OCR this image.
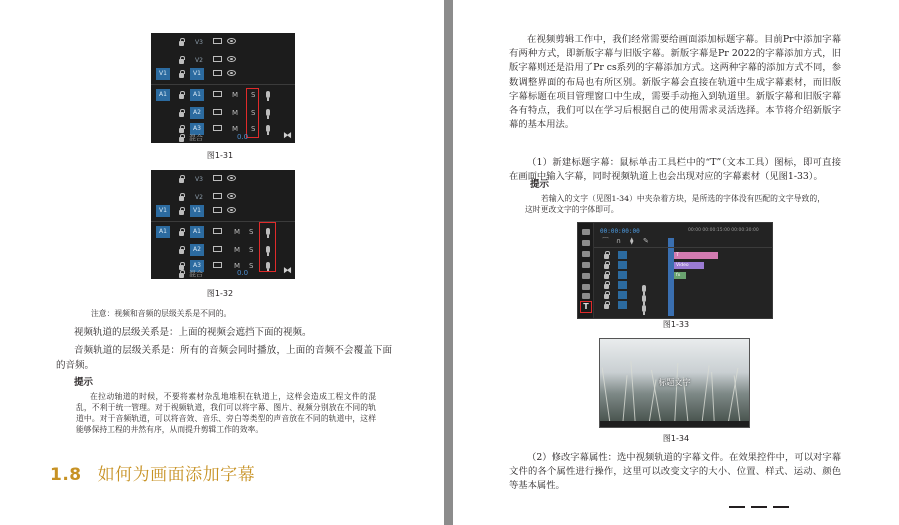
V3
V2
V1	V1
A1	A1	M S
A2	M S
A3	M S
混合	0.0	⧓
图1-31
V3
V2
V1	V1
A1	A1	M S
A2	M S
A3	M S
混合	0.0	⧓
图1-32
注意：视频和音频的层级关系是不同的。
视频轨道的层级关系是：上面的视频会遮挡下面的视频。
音频轨道的层级关系是：所有的音频会同时播放，上面的音频不会覆盖下面的音频。
提示
在拉动轴道的时候，不要将素材杂乱地堆积在轨道上，这样会造成工程文件的混乱，不利于统一管理。对于视频轨道，我们可以将字幕、图片、视频分别放在不同的轨道中。对于音频轨道，可以将音效、音乐、旁白等类型的声音放在不同的轨道中，这样能够保持工程的井然有序，从而提升剪辑工作的效率。
1.8 如何为画面添加字幕
在视频剪辑工作中，我们经常需要给画面添加标题字幕。目前Pr中添加字幕有两种方式，即新版字幕与旧版字幕。新版字幕是Pr 2022的字幕添加方式，旧版字幕则还是沿用了Pr cs系列的字幕添加方式。这两种字幕的添加方式不同，参数调整界面的布局也有所区别。新版字幕会直接在轨道中生成字幕素材，而旧版字幕标题在项目管理窗口中生成，需要手动拖入到轨道里。新版字幕和旧版字幕各有特点，我们可以在学习后根据自己的使用需求灵活选择。本节将介绍新版字幕的基本用法。
（1）新建标题字幕：鼠标单击工具栏中的“T”（文本工具）图标，即可直接在画面中输入字幕，同时视频轨道上也会出现对应的字幕素材（见图1-33）。
提示
若输入的文字（见图1-34）中夹杂着方块，是所选的字体没有匹配的文字导致的，这时更改文字的字体即可。
T
00:00:00:00	00:00 00:00:15:00 00:00:30:00
⌒ ∩ ⧫ ✎
T
Video
fx
图1-33
标题文字
图1-34
（2）修改字幕属性：选中视频轨道的字幕文件。在效果控件中，可以对字幕文件的各个属性进行操作，这里可以改变文字的大小、位置、样式、运动、颜色等基本属性。
